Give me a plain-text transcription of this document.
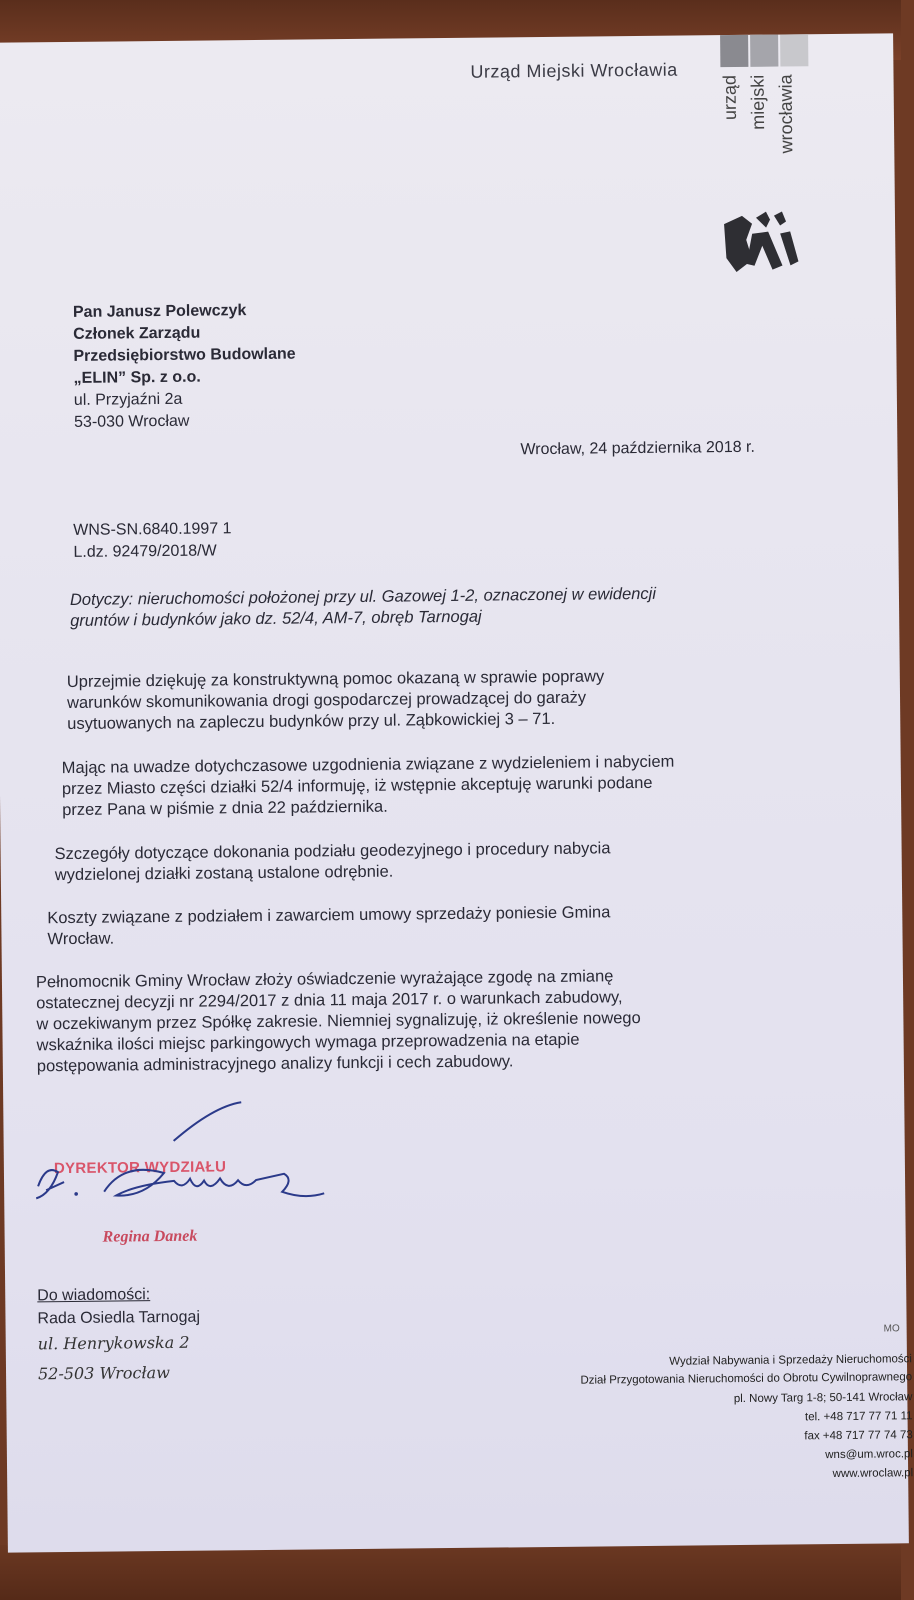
Urząd Miejski Wrocławia
urząd miejski wrocławia
Pan Janusz Polewczyk
Członek Zarządu
Przedsiębiorstwo Budowlane
„ELIN” Sp. z o.o.
ul. Przyjaźni 2a
53-030 Wrocław
Wrocław, 24 października 2018 r.
WNS-SN.6840.1997 1
L.dz. 92479/2018/W
Dotyczy: nieruchomości położonej przy ul. Gazowej 1-2, oznaczonej w ewidencji
gruntów i budynków jako dz. 52/4, AM-7, obręb Tarnogaj
Uprzejmie dziękuję za konstruktywną pomoc okazaną w sprawie poprawy
warunków skomunikowania drogi gospodarczej prowadzącej do garaży
usytuowanych na zapleczu budynków przy ul. Ząbkowickiej 3 – 71.
Mając na uwadze dotychczasowe uzgodnienia związane z wydzieleniem i nabyciem
przez Miasto części działki 52/4 informuję, iż wstępnie akceptuję warunki podane
przez Pana w piśmie z dnia 22 października.
Szczegóły dotyczące dokonania podziału geodezyjnego i procedury nabycia
wydzielonej działki zostaną ustalone odrębnie.
Koszty związane z podziałem i zawarciem umowy sprzedaży poniesie Gmina
Wrocław.
Pełnomocnik Gminy Wrocław złoży oświadczenie wyrażające zgodę na zmianę
ostatecznej decyzji nr 2294/2017 z dnia 11 maja 2017 r. o warunkach zabudowy,
w oczekiwanym przez Spółkę zakresie. Niemniej sygnalizuję, iż określenie nowego
wskaźnika ilości miejsc parkingowych wymaga przeprowadzenia na etapie
postępowania administracyjnego analizy funkcji i cech zabudowy.
DYREKTOR WYDZIAŁU
Regina Danek
Do wiadomości:
Rada Osiedla Tarnogaj
ul. Henrykowska 2
52-503 Wrocław
MO
Wydział Nabywania i Sprzedaży Nieruchomości
Dział Przygotowania Nieruchomości do Obrotu Cywilnoprawnego
pl. Nowy Targ 1-8; 50-141 Wrocław
tel. +48 717 77 71 11
fax +48 717 77 74 73
wns@um.wroc.pl
www.wroclaw.pl
